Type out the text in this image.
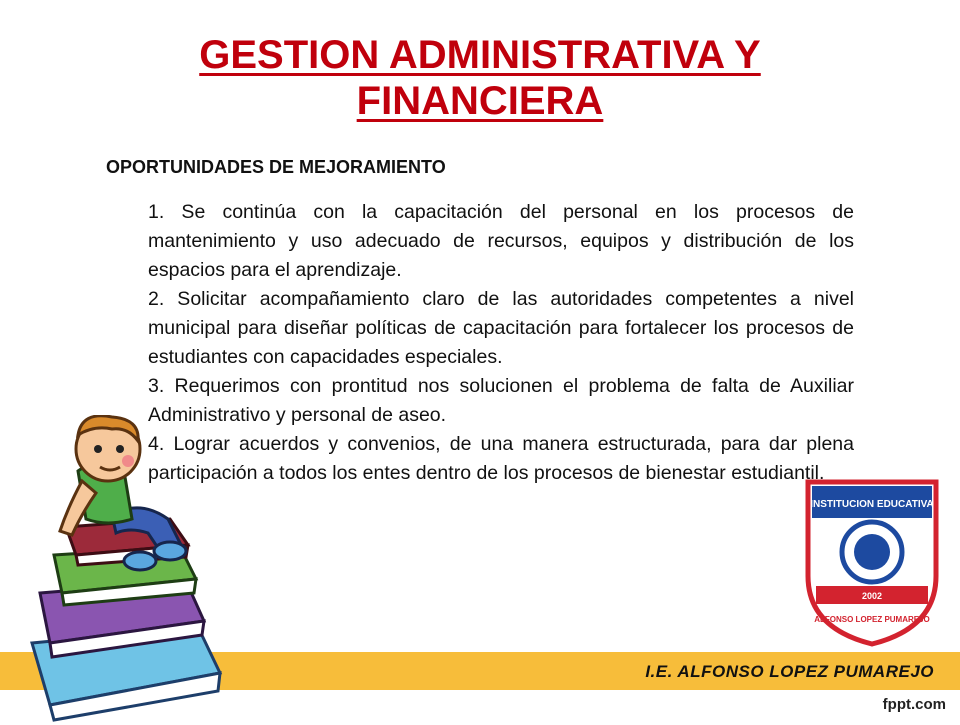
GESTION ADMINISTRATIVA Y
FINANCIERA
OPORTUNIDADES DE MEJORAMIENTO

1. Se continúa con la capacitación del personal en los procesos de mantenimiento y uso adecuado de recursos, equipos y distribución de los espacios para el aprendizaje.

2. Solicitar acompañamiento claro de las autoridades competentes a nivel municipal para diseñar políticas de capacitación para fortalecer los procesos de estudiantes con capacidades especiales.

3. Requerimos con prontitud nos solucionen el problema de falta de Auxiliar Administrativo y personal de aseo.

4. Lograr acuerdos y convenios, de una manera estructurada, para dar plena participación a todos los entes dentro de los procesos de bienestar estudiantil.

INSTITUCION EDUCATIVA
2002
ALFONSO LOPEZ PUMAREJO
I.E. ALFONSO LOPEZ PUMAREJO
fppt.com
